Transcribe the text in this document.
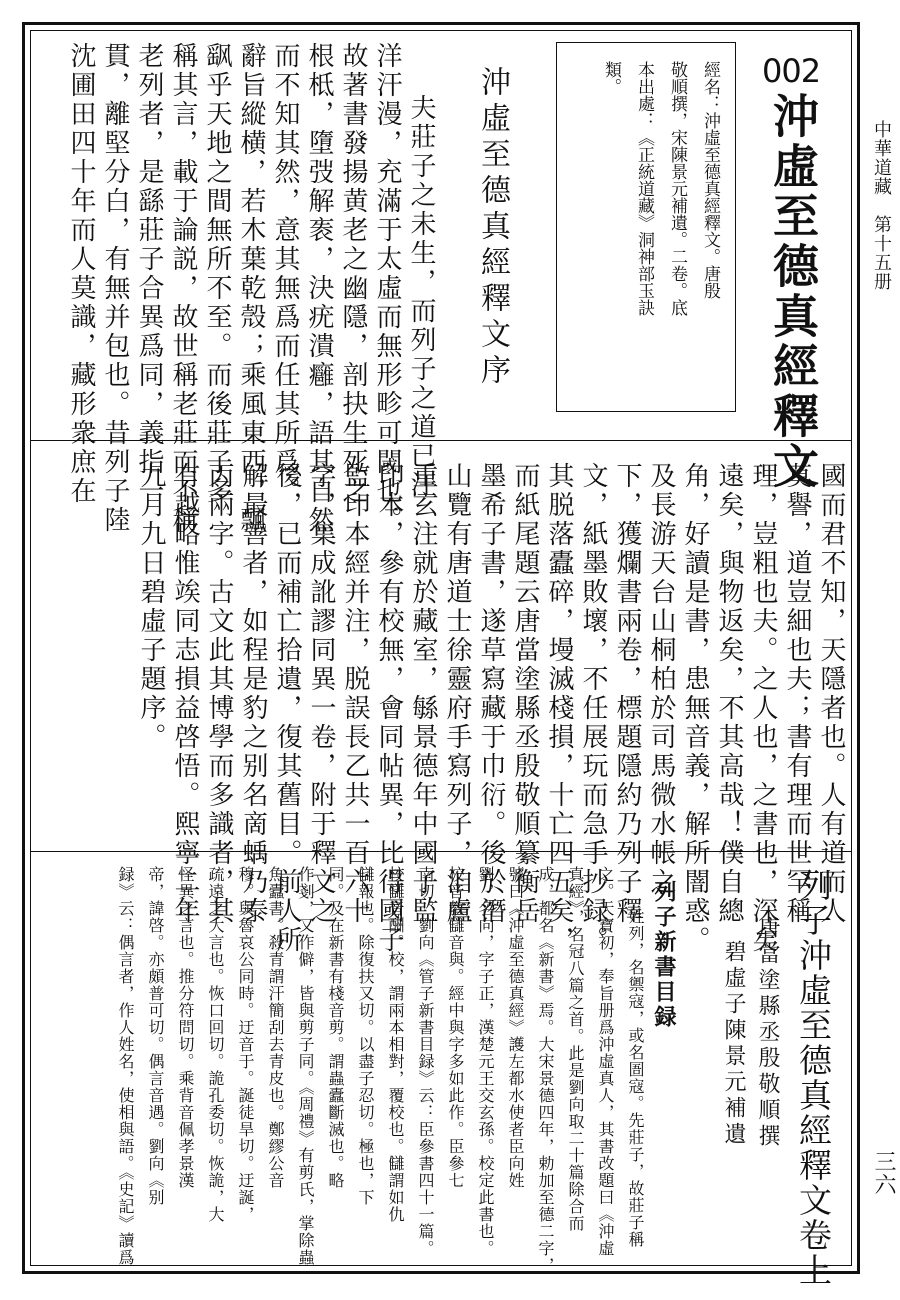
中華道藏　第十五册
三六
002
沖虛至德真經釋文
經名：沖虛至德真經釋文。唐殷
敬順撰，宋陳景元補遺。二卷。底
本出處：《正統道藏》洞神部玉訣
類。
沖虛至德真經釋文序
夫莊子之未生，而列子之道已汪
洋汗漫，充滿于太虛而無形畛可閾也。
故著書發揚黄老之幽隱，剖抉生死之
根柢，墮弢解袠，決疣潰癰，語其自然
而不知其然，意其無爲而任其所爲。
辭旨縱横，若木葉乾殼；乘風東西，飄
飖乎天地之間無所不至。而後莊子多
稱其言，載于論説，故世稱老莊而不稱
老列者，是繇莊子合異爲同，義指一
貫，離堅分白，有無并包也。昔列子陸
沈圃田四十年而人莫識，藏形衆庶在
國而君不知，天隱者也。人有道而人
莫譽，道豈細也夫；書有理而世罕稱
理，豈粗也夫。之人也，之書也，深矣
遠矣，與物返矣，不其高哉！僕自總
角，好讀是書，患無音義，解所闇惑。
及長游天台山桐柏於司馬微水帳之
下，獲爛書兩卷，標題隱約乃列子釋
文，紙墨敗壞，不任展玩而急手抄録。
其脱落蠹碎，墁滅棧損，十亡四五矣，
而紙尾題云唐當塗縣丞殷敬順纂衡岳
墨希子書，遂草寫藏于巾衍。後於潛
山覽有唐道士徐靈府手寫列子，洎盧
重玄注就於藏室，緐景德年中國子監
印本，參有校無，會同帖異，比得國子
監印本經并注，脱誤長乙共一百六十
字，集成訛謬同異一卷，附于釋文之
後，已而補亡拾遺，復其舊目。前人所
解最善者，如程是豹之别名啇蝺乃泰
丙兩字。古文此其博學而多識者，其
有越略惟竢同志損益啓悟。熙寧二年
九月九日碧虛子題序。
列子沖虛至德真經釋文卷上
唐當塗縣丞殷敬順撰
碧虛子陳景元補遺
列子新書目録
姓列，名禦寇，或名圄寇。先莊子，故莊子稱
之。天寶初，奉旨册爲沖虛真人，其書改題曰《沖虛
真經》，名冠八篇之首。此是劉向取二十篇除合而
成，都名《新書》焉。大宋景德四年，勅加至德二字，
號曰《沖虛至德真經》護左都水使者臣向姓
劉，名向，字子正，漢楚元王交玄孫。校定此書也。
校音教讎音與。經中與字多如此作。臣參七
南切。劉向《管子新書目録》云：臣參書四十一篇。
校讎音酬。校，謂兩本相對，覆校也。讎謂如仇
讎報也。除復扶又切。以盡子忍切。極也，下
同。及在新書有棧音剪。謂蟲蠹斷滅也。略
作剗，又作僻，皆與剪子同。《周禮》有剪氏，掌除蟲
魚蠹書。殺青謂汗簡刮去青皮也。鄭繆公音
穆。與魯哀公同時。迂音于。誕徒旱切。迂誕，
疏遠之大言也。恢口回切。詭孔委切。恢詭，大
怪異之言也。推分符問切。乘背音佩孝景漢
帝，諱啓。亦頗普可切。偶言音遇。劉向《别
録》云：偶言者，作人姓名，使相與語。《史記》讀爲
